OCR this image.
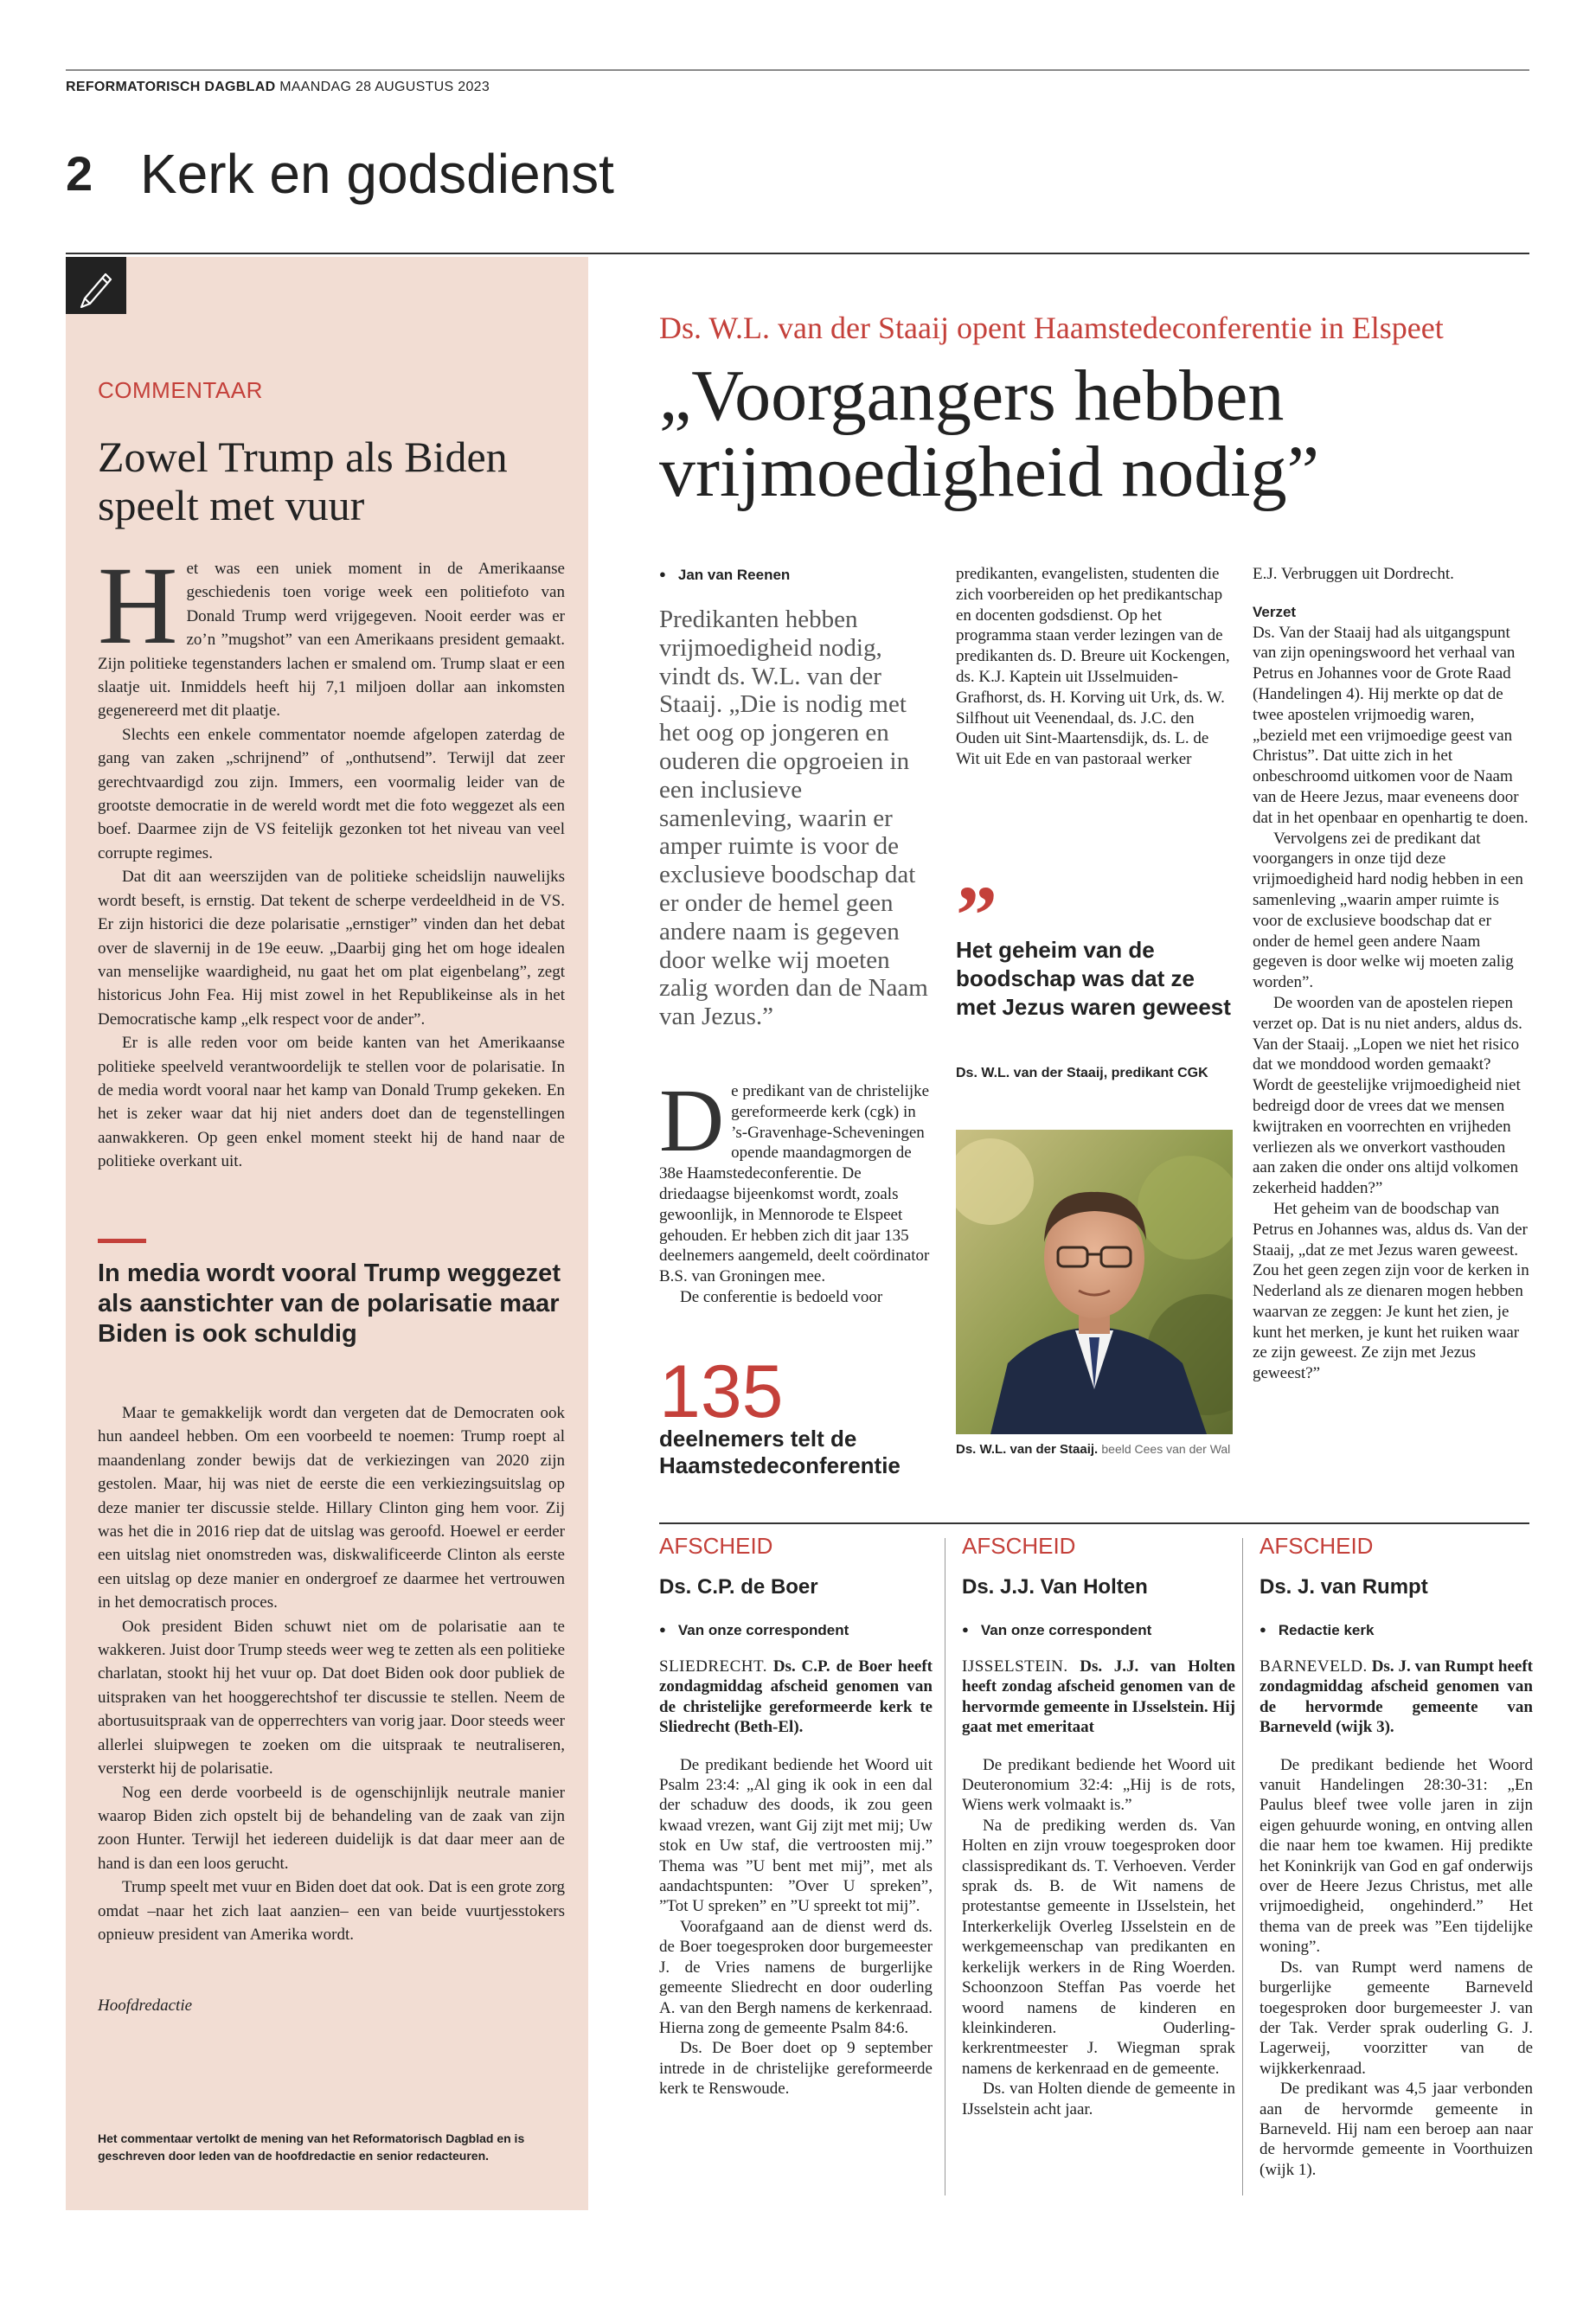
REFORMATORISCH DAGBLAD MAANDAG 28 AUGUSTUS 2023
2 Kerk en godsdienst
COMMENTAAR
Zowel Trump als Biden speelt met vuur
H et was een uniek moment in de Amerikaanse geschiedenis toen vorige week een politiefoto van Donald Trump werd vrijgegeven. Nooit eerder was er zo’n ”mugshot” van een Amerikaans president gemaakt. Zijn politieke tegenstanders lachen er smalend om. Trump slaat er een slaatje uit. Inmiddels heeft hij 7,1 miljoen dollar aan inkomsten gegenereerd met dit plaatje.

Slechts een enkele commentator noemde afgelopen zaterdag de gang van zaken „schrijnend” of „onthutsend”. Terwijl dat zeer gerechtvaardigd zou zijn. Immers, een voormalig leider van de grootste democratie in de wereld wordt met die foto weggezet als een boef. Daarmee zijn de VS feitelijk gezonken tot het niveau van veel corrupte regimes.

Dat dit aan weerszijden van de politieke scheidslijn nauwelijks wordt beseft, is ernstig. Dat tekent de scherpe verdeeldheid in de VS. Er zijn historici die deze polarisatie „ernstiger” vinden dan het debat over de slavernij in de 19e eeuw. „Daarbij ging het om hoge idealen van menselijke waardigheid, nu gaat het om plat eigenbelang”, zegt historicus John Fea. Hij mist zowel in het Republikeinse als in het Democratische kamp „elk respect voor de ander”.

Er is alle reden voor om beide kanten van het Amerikaanse politieke speelveld verantwoordelijk te stellen voor de polarisatie. In de media wordt vooral naar het kamp van Donald Trump gekeken. En het is zeker waar dat hij niet anders doet dan de tegenstellingen aanwakkeren. Op geen enkel moment steekt hij de hand naar de politieke overkant uit.

In media wordt vooral Trump weggezet als aanstichter van de polarisatie maar Biden is ook schuldig

Maar te gemakkelijk wordt dan vergeten dat de Democraten ook hun aandeel hebben. Om een voorbeeld te noemen: Trump roept al maandenlang zonder bewijs dat de verkiezingen van 2020 zijn gestolen. Maar, hij was niet de eerste die een verkiezingsuitslag op deze manier ter discussie stelde. Hillary Clinton ging hem voor. Zij was het die in 2016 riep dat de uitslag was geroofd. Hoewel er eerder een uitslag niet onomstreden was, diskwalificeerde Clinton als eerste een uitslag op deze manier en ondergroef ze daarmee het vertrouwen in het democratisch proces.

Ook president Biden schuwt niet om de polarisatie aan te wakkeren. Juist door Trump steeds weer weg te zetten als een politieke charlatan, stookt hij het vuur op. Dat doet Biden ook door publiek de uitspraken van het hooggerechtshof ter discussie te stellen. Neem de abortusuitspraak van de opperrechters van vorig jaar. Door steeds weer allerlei sluipwegen te zoeken om die uitspraak te neutraliseren, versterkt hij de polarisatie.

Nog een derde voorbeeld is de ogenschijnlijk neutrale manier waarop Biden zich opstelt bij de behandeling van de zaak van zijn zoon Hunter. Terwijl het iedereen duidelijk is dat daar meer aan de hand is dan een loos gerucht.

Trump speelt met vuur en Biden doet dat ook. Dat is een grote zorg omdat –naar het zich laat aanzien– een van beide vuurtjesstokers opnieuw president van Amerika wordt.

Hoofdredactie
Het commentaar vertolkt de mening van het Reformatorisch Dagblad en is geschreven door leden van de hoofdredactie en senior redacteuren.
Ds. W.L. van der Staaij opent Haamstedeconferentie in Elspeet
„Voorgangers hebben vrijmoedigheid nodig”
● Jan van Reenen
Predikanten hebben vrijmoedigheid nodig, vindt ds. W.L. van der Staaij. „Die is nodig met het oog op jongeren en ouderen die opgroeien in een inclusieve samenleving, waarin er amper ruimte is voor de exclusieve boodschap dat er onder de hemel geen andere naam is gegeven door welke wij moeten zalig worden dan de Naam van Jezus.”
D e predikant van de christelijke gereformeerde kerk (cgk) in ’s-Gravenhage-Scheveningen opende maandagmorgen de 38e Haamstedeconferentie. De driedaagse bijeenkomst wordt, zoals gewoonlijk, in Mennorode te Elspeet gehouden. Er hebben zich dit jaar 135 deelnemers aangemeld, deelt coördinator B.S. van Groningen mee.

De conferentie is bedoeld voor

135
deelnemers telt de Haamstedeconferentie

predikanten, evangelisten, studenten die zich voorbereiden op het predikantschap en docenten godsdienst. Op het programma staan verder lezingen van de predikanten ds. D. Breure uit Kockengen, ds. K.J. Kaptein uit IJsselmuiden-Grafhorst, ds. H. Korving uit Urk, ds. W. Silfhout uit Veenendaal, ds. J.C. den Ouden uit Sint-Maartensdijk, ds. L. de Wit uit Ede en van pastoraal werker

”
Het geheim van de boodschap was dat ze met Jezus waren geweest
Ds. W.L. van der Staaij, predikant CGK
Ds. W.L. van der Staaij. beeld Cees van der Wal

E.J. Verbruggen uit Dordrecht.

Verzet

Ds. Van der Staaij had als uitgangspunt van zijn openingswoord het verhaal van Petrus en Johannes voor de Grote Raad (Handelingen 4). Hij merkte op dat de twee apostelen vrijmoedig waren, „bezield met een vrijmoedige geest van Christus”. Dat uitte zich in het onbeschroomd uitkomen voor de Naam van de Heere Jezus, maar eveneens door dat in het openbaar en openhartig te doen.

Vervolgens zei de predikant dat voorgangers in onze tijd deze vrijmoedigheid hard nodig hebben in een samenleving „waarin amper ruimte is voor de exclusieve boodschap dat er onder de hemel geen andere Naam gegeven is door welke wij moeten zalig worden”.

De woorden van de apostelen riepen verzet op. Dat is nu niet anders, aldus ds. Van der Staaij. „Lopen we niet het risico dat we monddood worden gemaakt? Wordt de geestelijke vrijmoedigheid niet bedreigd door de vrees dat we mensen kwijtraken en voorrechten en vrijheden verliezen als we onverkort vasthouden aan zaken die onder ons altijd volkomen zekerheid hadden?”

Het geheim van de boodschap van Petrus en Johannes was, aldus ds. Van der Staaij, „dat ze met Jezus waren geweest. Zou het geen zegen zijn voor de kerken in Nederland als ze dienaren mogen hebben waarvan ze zeggen: Je kunt het zien, je kunt het merken, je kunt het ruiken waar ze zijn geweest. Ze zijn met Jezus geweest?”

AFSCHEID
Ds. C.P. de Boer
● Van onze correspondent

SLIEDRECHT. Ds. C.P. de Boer heeft zondagmiddag afscheid genomen van de christelijke gereformeerde kerk te Sliedrecht (Beth-El).

De predikant bediende het Woord uit Psalm 23:4: „Al ging ik ook in een dal der schaduw des doods, ik zou geen kwaad vrezen, want Gij zijt met mij; Uw stok en Uw staf, die vertroosten mij.” Thema was ”U bent met mij”, met als aandachtspunten: ”Over U spreken”, ”Tot U spreken” en ”U spreekt tot mij”.

Voorafgaand aan de dienst werd ds. de Boer toegesproken door burgemeester J. de Vries namens de burgerlijke gemeente Sliedrecht en door ouderling A. van den Bergh namens de kerkenraad. Hierna zong de gemeente Psalm 84:6.

Ds. De Boer doet op 9 september intrede in de christelijke gereformeerde kerk te Renswoude.

AFSCHEID
Ds. J.J. Van Holten
● Van onze correspondent

IJSSELSTEIN. Ds. J.J. van Holten heeft zondag afscheid genomen van de hervormde gemeente in IJsselstein. Hij gaat met emeritaat

De predikant bediende het Woord uit Deuteronomium 32:4: „Hij is de rots, Wiens werk volmaakt is.”

Na de prediking werden ds. Van Holten en zijn vrouw toegesproken door classispredikant ds. T. Verhoeven. Verder sprak ds. B. de Wit namens de protestantse gemeente in IJsselstein, het Interkerkelijk Overleg IJsselstein en de werkgemeenschap van predikanten en kerkelijk werkers in de Ring Woerden. Schoonzoon Steffan Pas voerde het woord namens de kinderen en kleinkinderen. Ouderling-kerkrentmeester J. Wiegman sprak namens de kerkenraad en de gemeente.

Ds. van Holten diende de gemeente in IJsselstein acht jaar.

AFSCHEID
Ds. J. van Rumpt
● Redactie kerk

BARNEVELD. Ds. J. van Rumpt heeft zondagmiddag afscheid genomen van de hervormde gemeente van Barneveld (wijk 3).

De predikant bediende het Woord vanuit Handelingen 28:30-31: „En Paulus bleef twee volle jaren in zijn eigen gehuurde woning, en ontving allen die naar hem toe kwamen. Hij predikte het Koninkrijk van God en gaf onderwijs over de Heere Jezus Christus, met alle vrijmoedigheid, ongehinderd.” Het thema van de preek was ”Een tijdelijke woning”.

Ds. van Rumpt werd namens de burgerlijke gemeente Barneveld toegesproken door burgemeester J. van der Tak. Verder sprak ouderling G. J. Lagerweij, voorzitter van de wijkkerkenraad.

De predikant was 4,5 jaar verbonden aan de hervormde gemeente in Barneveld. Hij nam een beroep aan naar de hervormde gemeente in Voorthuizen (wijk 1).
